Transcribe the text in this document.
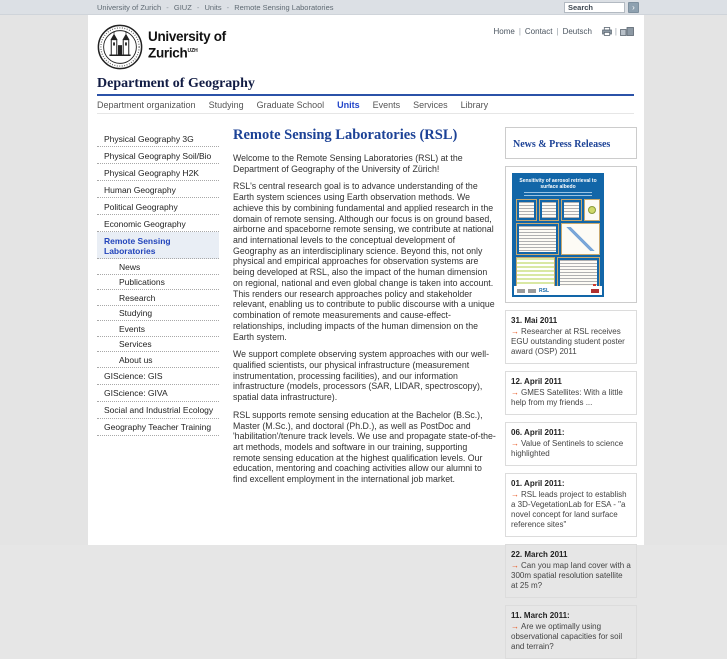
University of Zurich - GIUZ - Units - Remote Sensing Laboratories
Search	›
University of
Zurich$^{UZH}$
Home | Contact | Deutsch	|
Department of Geography
Department organization Studying Graduate School Units Events Services Library
Physical Geography 3G
Physical Geography Soil/Bio
Physical Geography H2K
Human Geography
Political Geography
Economic Geography
Remote Sensing Laboratories
News
Publications
Research
Studying
Events
Services
About us
GIScience: GIS
GIScience: GIVA
Social and Industrial Ecology
Geography Teacher Training
Remote Sensing Laboratories (RSL)

Welcome to the Remote Sensing Laboratories (RSL) at the Department of Geography of the University of Zürich!

RSL's central research goal is to advance understanding of the Earth system sciences using Earth observation methods. We achieve this by combining fundamental and applied research in the domain of remote sensing. Although our focus is on ground based, airborne and spaceborne remote sensing, we contribute at national and international levels to the conceptual development of Geography as an interdisciplinary science. Beyond this, not only physical and empirical approaches for observation systems are being developed at RSL, also the impact of the human dimension on regional, national and even global change is taken into account. This renders our research approaches policy and stakeholder relevant, enabling us to contribute to public discourse with a unique combination of remote measurements and cause-effect-relationships, including impacts of the human dimension on the Earth system.

We support complete observing system approaches with our well-qualified scientists, our physical infrastructure (measurement instrumentation, processing facilities), and our information infrastructure (models, processors (SAR, LIDAR, spectroscopy), spatial data infrastructure).

RSL supports remote sensing education at the Bachelor (B.Sc.), Master (M.Sc.), and doctoral (Ph.D.), as well as PostDoc and 'habilitation'/tenure track levels. We use and propagate state-of-the-art methods, models and software in our training, supporting remote sensing education at the highest qualification levels. Our education, mentoring and coaching activities allow our alumni to find excellent employment in the international job market.

News & Press Releases
Sensitivity of aerosol retrieval to surface albedo
RSL
31. Mai 2011
→ Researcher at RSL receives EGU outstanding student poster award (OSP) 2011
12. April 2011
→ GMES Satellites: With a little help from my friends ...
06. April 2011:
→ Value of Sentinels to science highlighted
01. April 2011:
→ RSL leads project to establish a 3D-VegetationLab for ESA - "a novel concept for land surface reference sites"
22. March 2011
→ Can you map land cover with a 300m spatial resolution satellite at 25 m?
11. March 2011:
→ Are we optimally using observational capacities for soil and terrain?
